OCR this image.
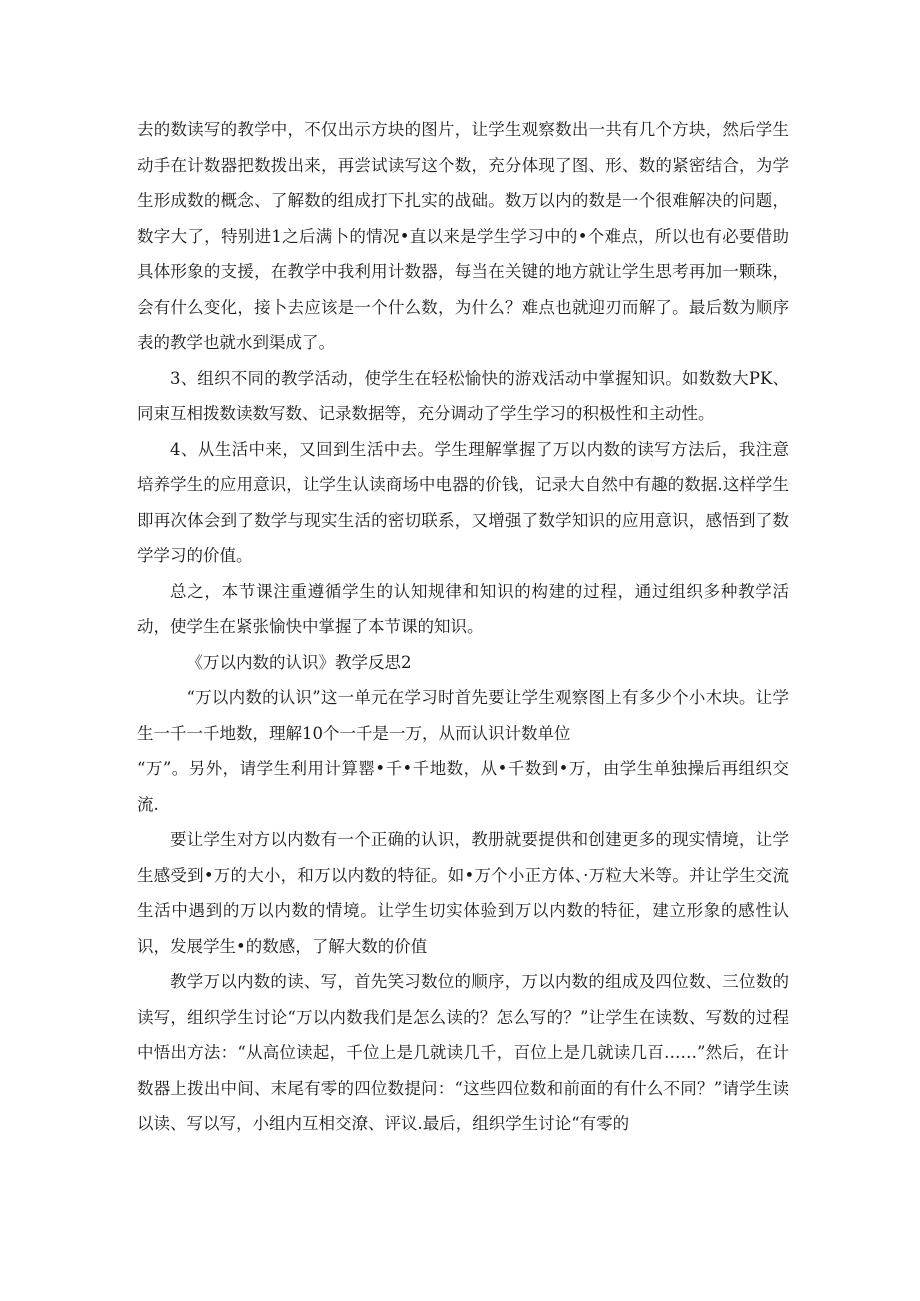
去的数读写的教学中，不仅出示方块的图片，让学生观察数出一共有几个方块，然后学生动手在计数器把数拨出来，再尝试读写这个数，充分体现了图、形、数的紧密结合，为学生形成数的概念、了解数的组成打下扎实的战础。数万以内的数是一个很难解决的问题，数字大了，特别进1之后满卜的情况•直以来是学生学习中的•个难点，所以也有必要借助具体形象的支援，在教学中我利用计数器，每当在关键的地方就让学生思考再加一颗珠，会有什么变化，接卜去应该是一个什么数，为什么？难点也就迎刃而解了。最后数为顺序表的教学也就水到渠成了。

3、组织不同的教学活动，使学生在轻松愉快的游戏活动中掌握知识。如数数大PK、同束互相拨数读数写数、记录数据等，充分调动了学生学习的积极性和主动性。

4、从生活中来，又回到生活中去。学生理解掌握了万以内数的读写方法后，我注意培养学生的应用意识，让学生认读商场中电器的价钱，记录大自然中有趣的数据.这样学生即再次体会到了数学与现实生活的密切联系，又增强了数学知识的应用意识，感悟到了数学学习的价值。

总之，本节课注重遵循学生的认知规律和知识的构建的过程，通过组织多种教学活动，使学生在紧张愉快中掌握了本节课的知识。

《万以内数的认识》教学反思2

“万以内数的认识”这一单元在学习时首先要让学生观察图上有多少个小木块。让学生一千一千地数，理解10个一千是一万，从而认识计数单位

“万”。另外，请学生利用计算罂•千•千地数，从•千数到•万，由学生单独操后再组织交流.

要让学生对方以内数有一个正确的认识，教册就要提供和创建更多的现实情境，让学生感受到•万的大小，和万以内数的特征。如•万个小正方体、·万粒大米等。并让学生交流生活中遇到的万以内数的情境。让学生切实体验到万以内数的特征，建立形象的感性认识，发展学生•的数感，了解大数的价值

教学万以内数的读、写，首先笑习数位的顺序，万以内数的组成及四位数、三位数的读写，组织学生讨论“万以内数我们是怎么读的？怎么写的？”让学生在读数、写数的过程中悟出方法：“从高位读起，千位上是几就读几千，百位上是几就读几百……”然后，在计数器上拨出中间、末尾有零的四位数提问：“这些四位数和前面的有什么不同？”请学生读以读、写以写，小组内互相交潦、评议.最后，组织学生讨论“有零的
